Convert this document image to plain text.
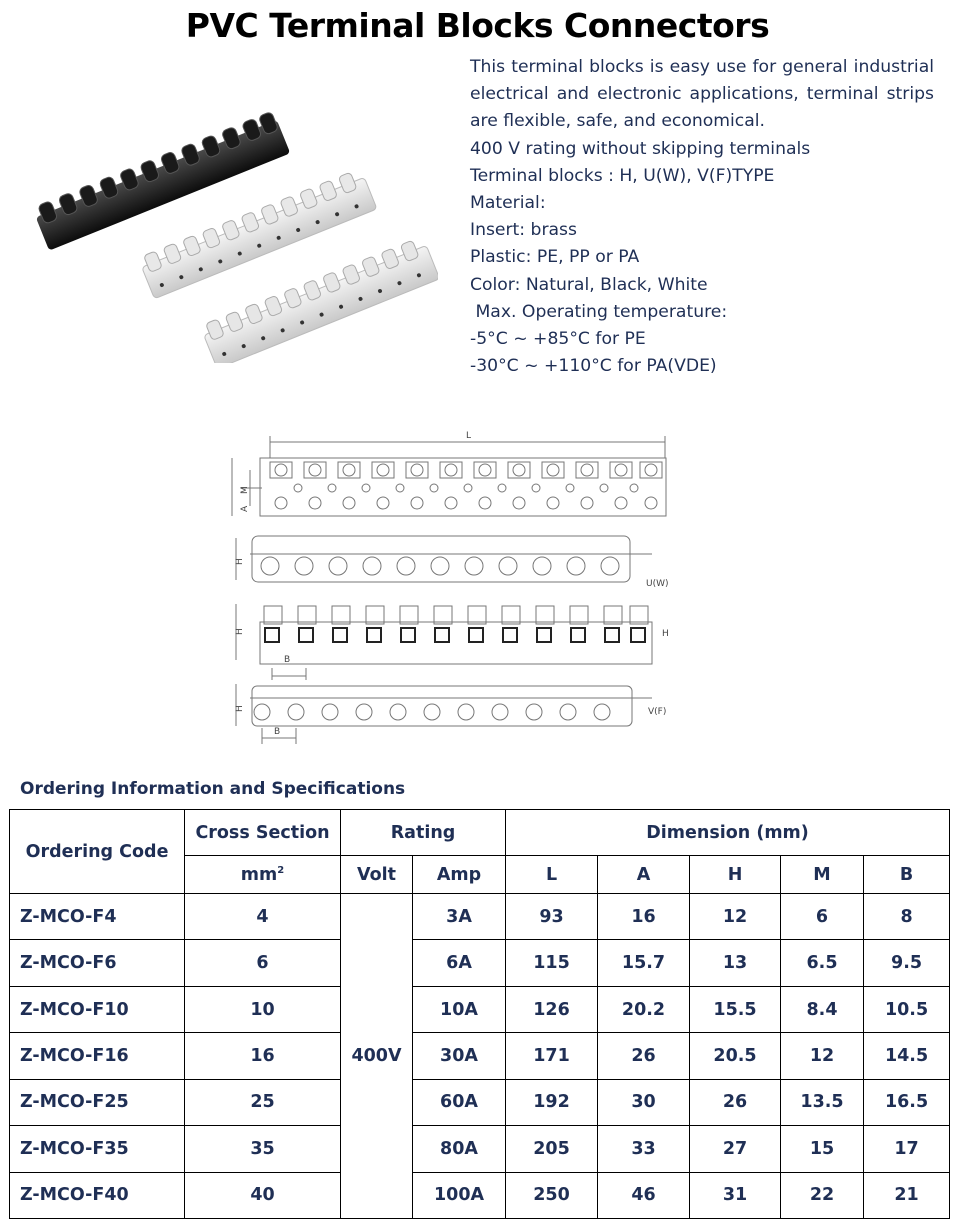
PVC Terminal Blocks Connectors
This terminal blocks is easy use for general industrial electrical and electronic applications, terminal strips are flexible, safe, and economical.
400 V rating without skipping terminals
Terminal blocks : H, U(W), V(F)TYPE
Material:
Insert: brass
Plastic: PE, PP or PA
Color: Natural, Black, White
Max. Operating temperature:
-5°C ~ +85°C for PE
-30°C ~ +110°C for PA(VDE)
L
M
A
H
U(W)
H
B
H
H
B
V(F)
Ordering Information and Specifications
Ordering Code	Cross Section	Rating		Dimension (mm)				
	$mm^2$	Volt	Amp	L	A	H	M	B
Z-MCO-F4	4	400V	3A	93	16	12	6	8
Z-MCO-F6	6		6A	115	15.7	13	6.5	9.5
Z-MCO-F10	10		10A	126	20.2	15.5	8.4	10.5
Z-MCO-F16	16		30A	171	26	20.5	12	14.5
Z-MCO-F25	25		60A	192	30	26	13.5	16.5
Z-MCO-F35	35		80A	205	33	27	15	17
Z-MCO-F40	40		100A	250	46	31	22	21
